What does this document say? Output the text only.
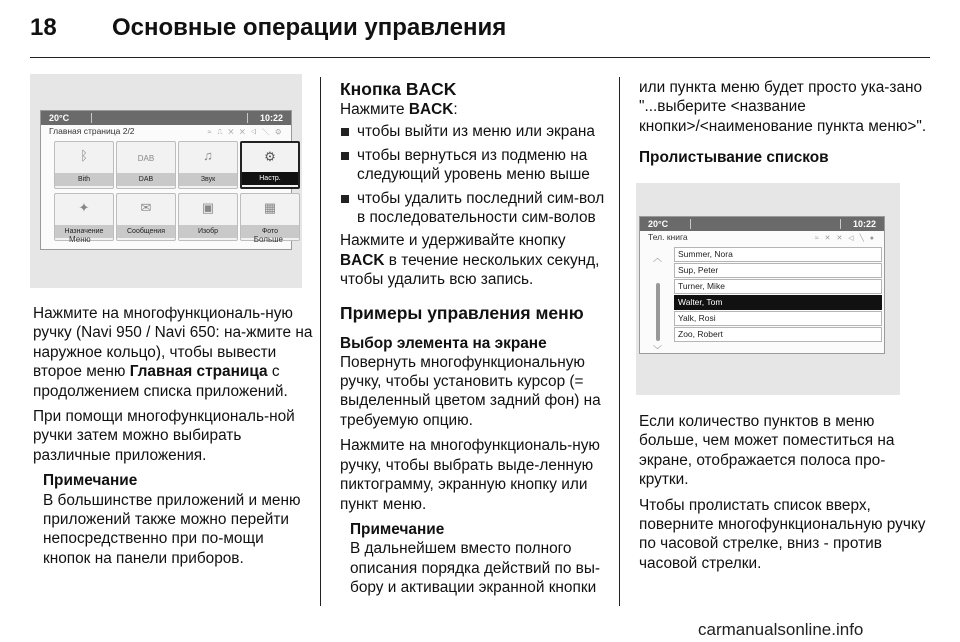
18	Основные операции управления
20°C	10:22
Главная страница 2/2	≈ ⎍ ✕ ✕ ◁ ╲ ⚙
ᛒ
Bith
DAB
DAB
♫
Звук
⚙
Настр.
✦
Назначение
✉
Сообщения
▣
Изобр
▦
Фото
Меню	Больше

Нажмите на многофункциональ-ную ручку (Navi 950 / Navi 650: на-жмите на наружное кольцо), чтобы вывести второе меню Главная страница с продолжением списка приложений.

При помощи многофункциональ-ной ручки затем можно выбирать различные приложения.

Примечание
В большинстве приложений и меню приложений также можно перейти непосредственно при по-мощи кнопок на панели приборов.
Кнопка BACK

Нажмите BACK:

чтобы выйти из меню или экрана
чтобы вернуться из подменю на следующий уровень меню выше
чтобы удалить последний сим-вол в последовательности сим-волов

Нажмите и удерживайте кнопку BACK в течение нескольких секунд, чтобы удалить всю запись.

Примеры управления меню
Выбор элемента на экране

Повернуть многофункциональную ручку, чтобы установить курсор (= выделенный цветом задний фон) на требуемую опцию.

Нажмите на многофункциональ-ную ручку, чтобы выбрать выде-ленную пиктограмму, экранную кнопку или пункт меню.

Примечание
В дальнейшем вместо полного описания порядка действий по вы-бору и активации экранной кнопки

или пункта меню будет просто ука-зано "...выберите <название кнопки>/<наименование пункта меню>".

Пролистывание списков
20°C	10:22
Тел. книга	≈ ✕ ✕ ◁ ╲ ●
︿
﹀
Summer, Nora
Sup, Peter
Turner, Mike
Walter, Tom
Yalk, Rosi
Zoo, Robert

Если количество пунктов в меню больше, чем может поместиться на экране, отображается полоса про-крутки.

Чтобы пролистать список вверх, поверните многофункциональную ручку по часовой стрелке, вниз - против часовой стрелки.

carmanualsonline.info
